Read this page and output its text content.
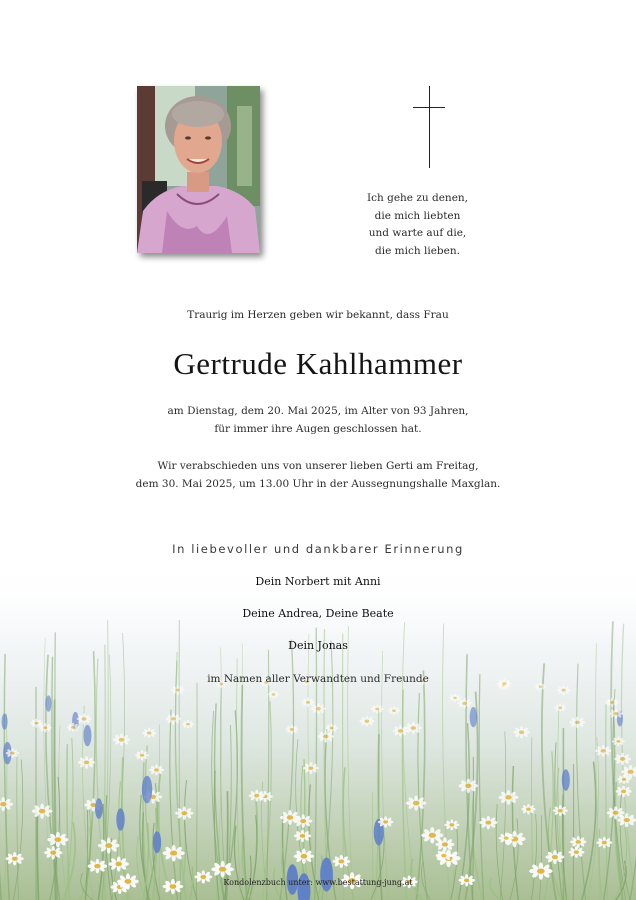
Ich gehe zu denen,
die mich liebten
und warte auf die,
die mich lieben.
Traurig im Herzen geben wir bekannt, dass Frau
Gertrude Kahlhammer
am Dienstag, dem 20. Mai 2025, im Alter von 93 Jahren,
für immer ihre Augen geschlossen hat.
Wir verabschieden uns von unserer lieben Gerti am Freitag,
dem 30. Mai 2025, um 13.00 Uhr in der Aussegnungshalle Maxglan.
In liebevoller und dankbarer Erinnerung
Dein Norbert mit Anni
Deine Andrea, Deine Beate
Dein Jonas
im Namen aller Verwandten und Freunde
Kondolenzbuch unter: www.bestattung-jung.at
